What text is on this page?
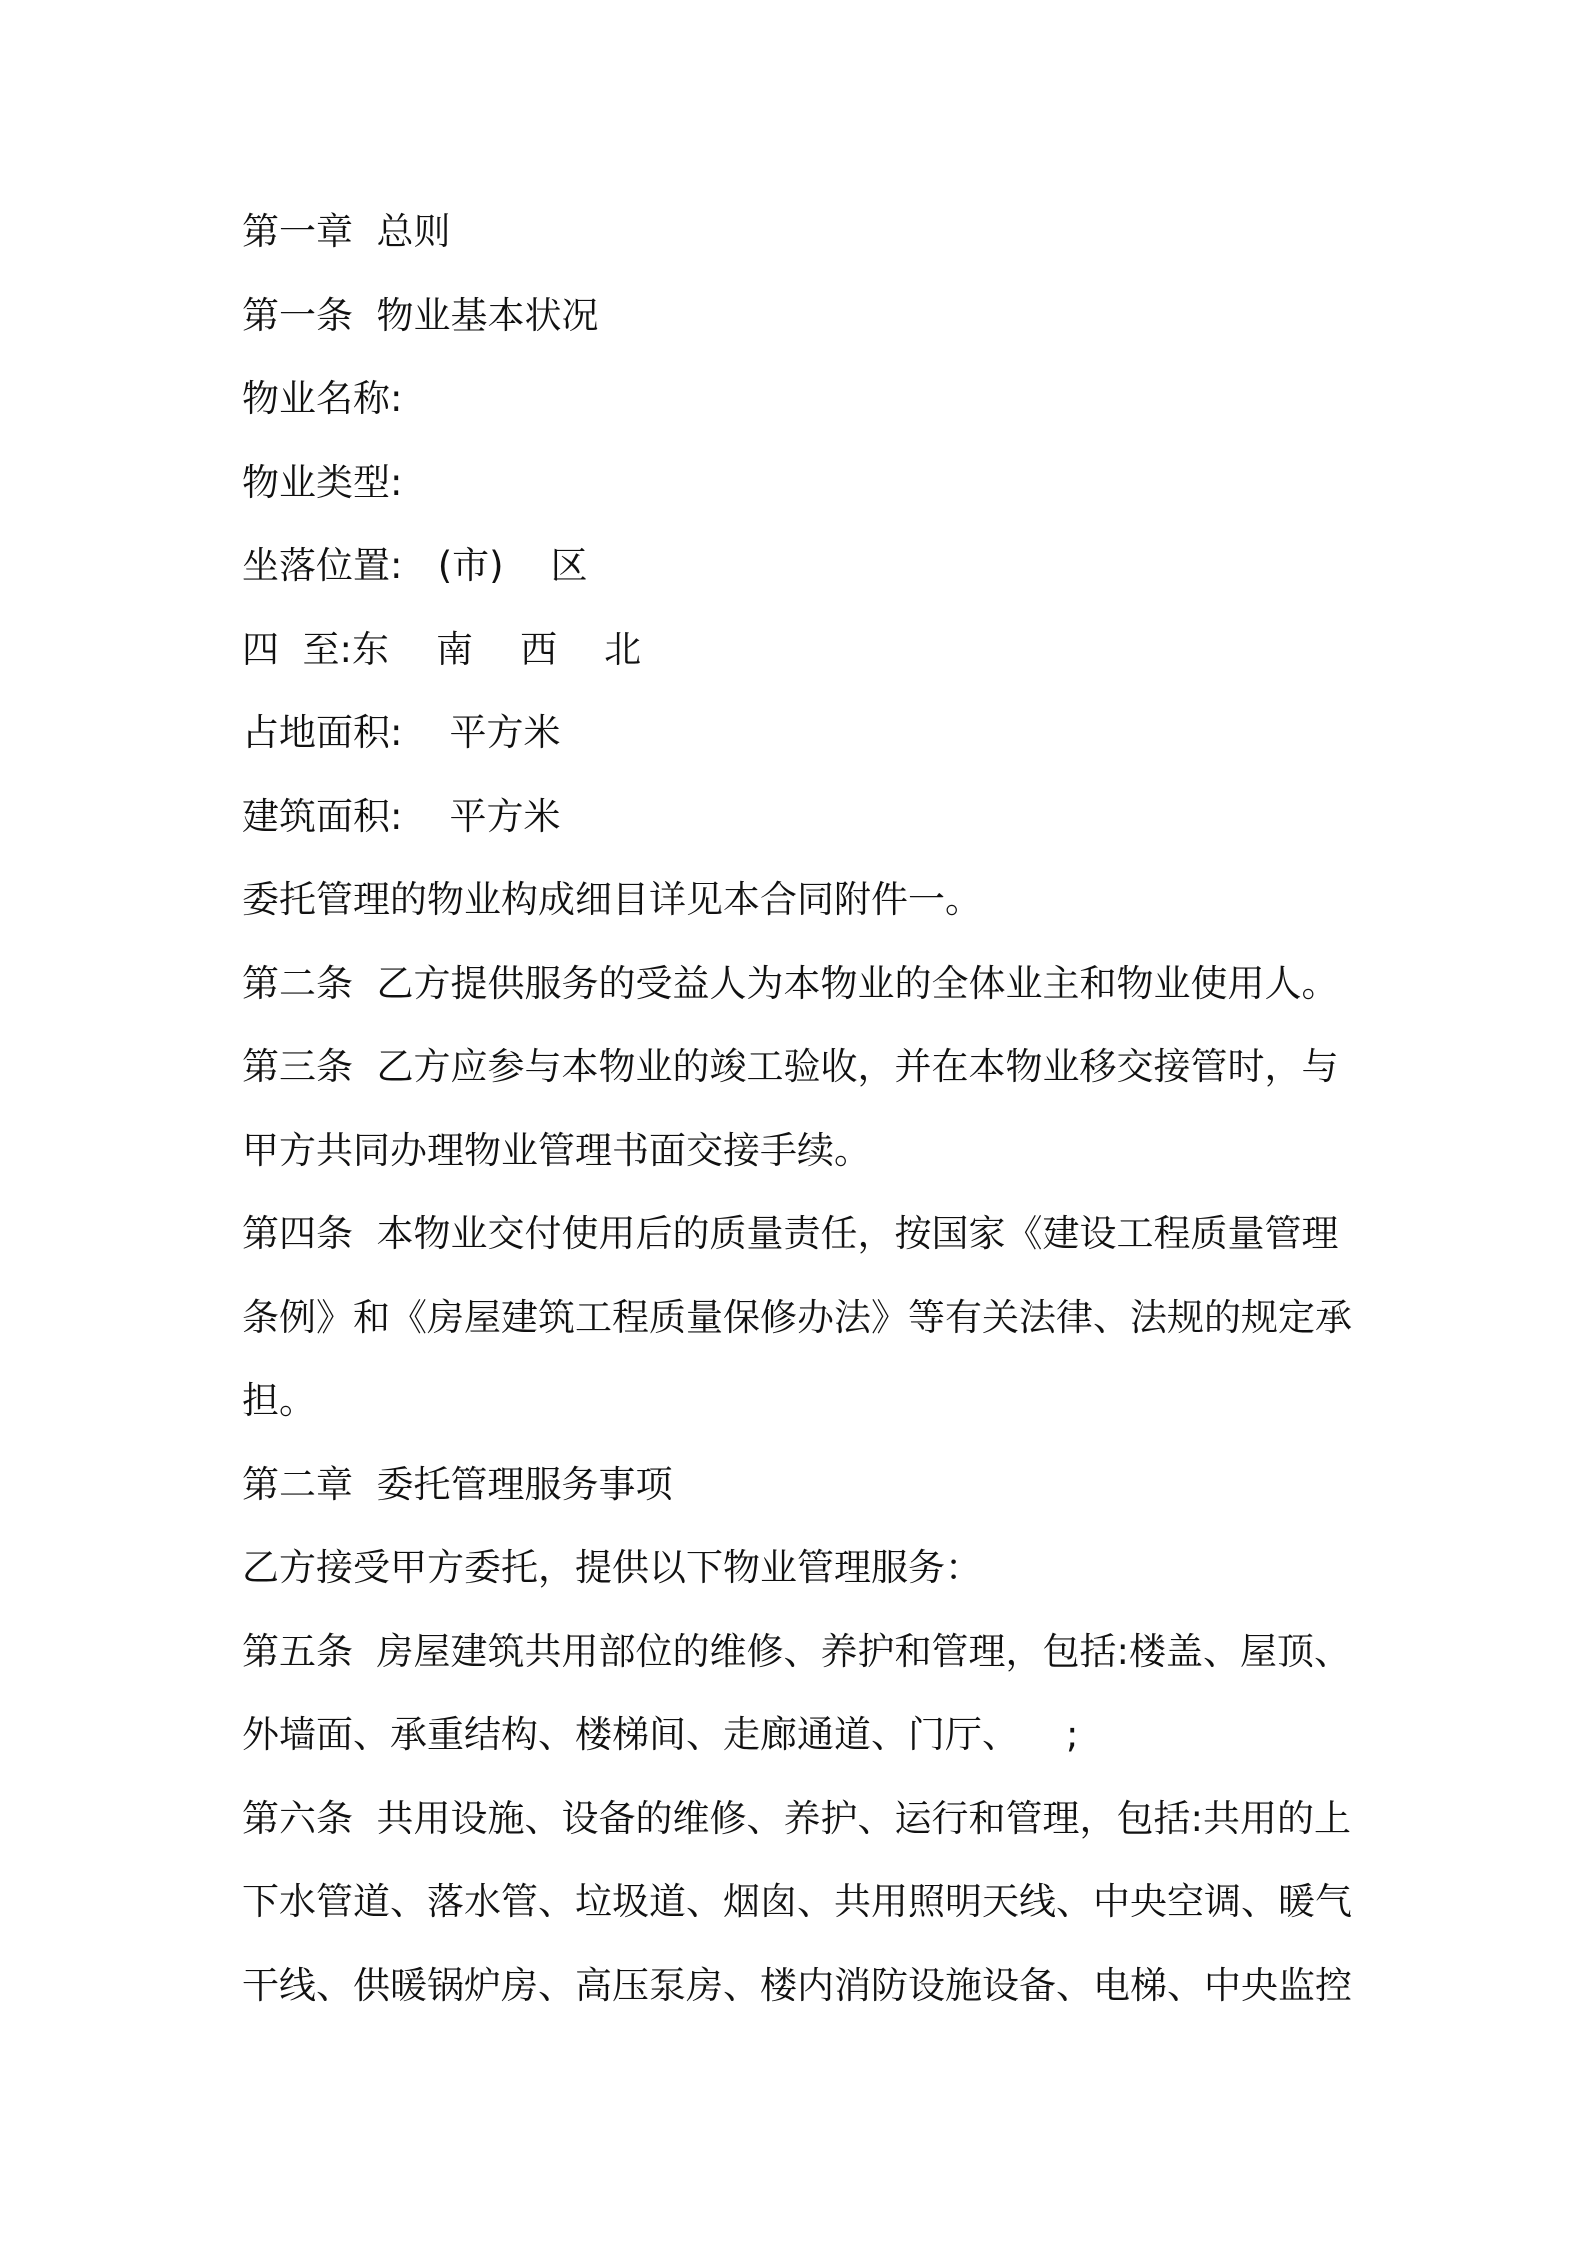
第一章  总则
第一条  物业基本状况
物业名称:
物业类型:
坐落位置:   (市)    区
四  至:东    南    西    北
占地面积:    平方米
建筑面积:    平方米
委托管理的物业构成细目详见本合同附件一。
第二条  乙方提供服务的受益人为本物业的全体业主和物业使用人。
第三条  乙方应参与本物业的竣工验收，并在本物业移交接管时，与
甲方共同办理物业管理书面交接手续。
第四条  本物业交付使用后的质量责任，按国家《建设工程质量管理
条例》和《房屋建筑工程质量保修办法》等有关法律、法规的规定承
担。
第二章  委托管理服务事项
乙方接受甲方委托，提供以下物业管理服务：
第五条  房屋建筑共用部位的维修、养护和管理，包括:楼盖、屋顶、
外墙面、承重结构、楼梯间、走廊通道、门厅、    ;
第六条  共用设施、设备的维修、养护、运行和管理，包括:共用的上
下水管道、落水管、垃圾道、烟囱、共用照明天线、中央空调、暖气
干线、供暖锅炉房、高压泵房、楼内消防设施设备、电梯、中央监控
